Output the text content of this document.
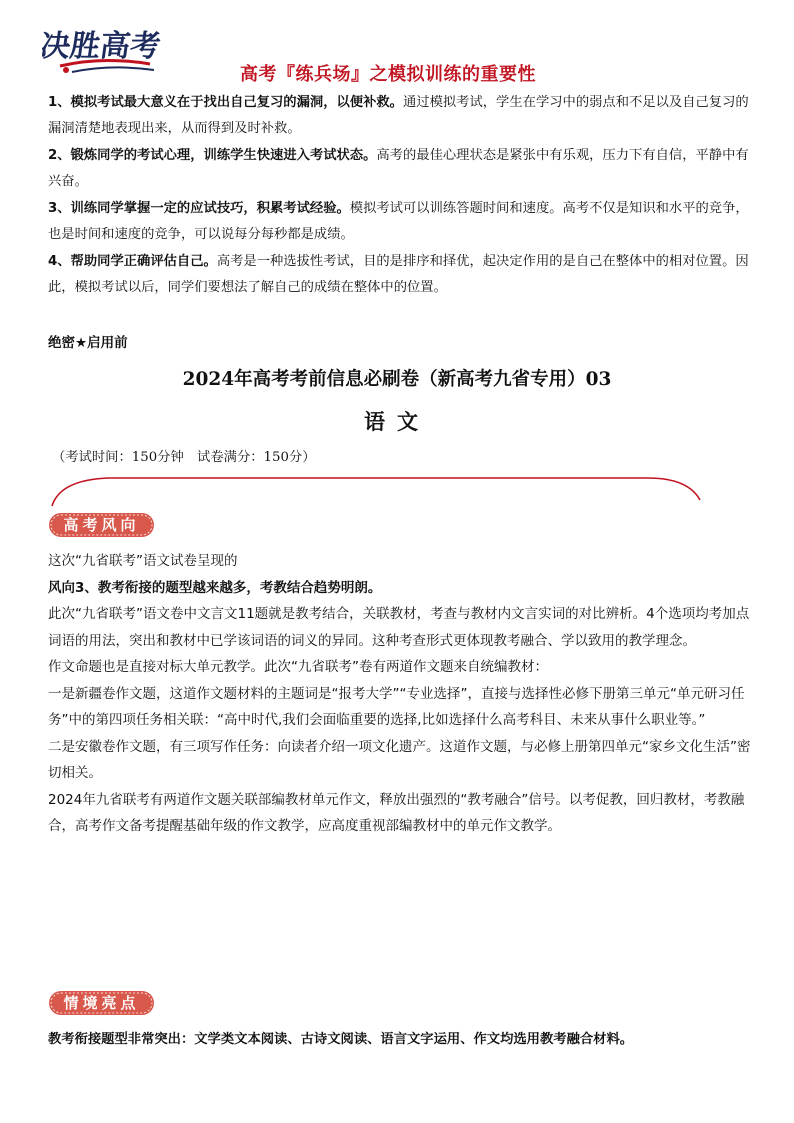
决胜高考
高考『练兵场』之模拟训练的重要性

1、模拟考试最大意义在于找出自己复习的漏洞，以便补救。通过模拟考试，学生在学习中的弱点和不足以及自己复习的漏洞清楚地表现出来，从而得到及时补救。

2、锻炼同学的考试心理，训练学生快速进入考试状态。高考的最佳心理状态是紧张中有乐观，压力下有自信，平静中有兴奋。

3、训练同学掌握一定的应试技巧，积累考试经验。模拟考试可以训练答题时间和速度。高考不仅是知识和水平的竞争，也是时间和速度的竞争，可以说每分每秒都是成绩。

4、帮助同学正确评估自己。高考是一种选拔性考试，目的是排序和择优，起决定作用的是自己在整体中的相对位置。因此，模拟考试以后，同学们要想法了解自己的成绩在整体中的位置。

绝密★启用前
2024年高考考前信息必刷卷（新高考九省专用）03
语文
（考试时间：150分钟　试卷满分：150分）
高考风向

这次“九省联考”语文试卷呈现的

风向3、教考衔接的题型越来越多，考教结合趋势明朗。

此次“九省联考”语文卷中文言文11题就是教考结合，关联教材，考查与教材内文言实词的对比辨析。4个选项均考加点词语的用法，突出和教材中已学该词语的词义的异同。这种考查形式更体现教考融合、学以致用的教学理念。

作文命题也是直接对标大单元教学。此次“九省联考”卷有两道作文题来自统编教材：

一是新疆卷作文题，这道作文题材料的主题词是“报考大学”“专业选择”，直接与选择性必修下册第三单元“单元研习任务”中的第四项任务相关联：“高中时代,我们会面临重要的选择,比如选择什么高考科目、未来从事什么职业等。”

二是安徽卷作文题，有三项写作任务：向读者介绍一项文化遗产。这道作文题，与必修上册第四单元“家乡文化生活”密切相关。

2024年九省联考有两道作文题关联部编教材单元作文，释放出强烈的“教考融合”信号。以考促教，回归教材，考教融合，高考作文备考提醒基础年级的作文教学，应高度重视部编教材中的单元作文教学。

情境亮点
教考衔接题型非常突出：文学类文本阅读、古诗文阅读、语言文字运用、作文均选用教考融合材料。
